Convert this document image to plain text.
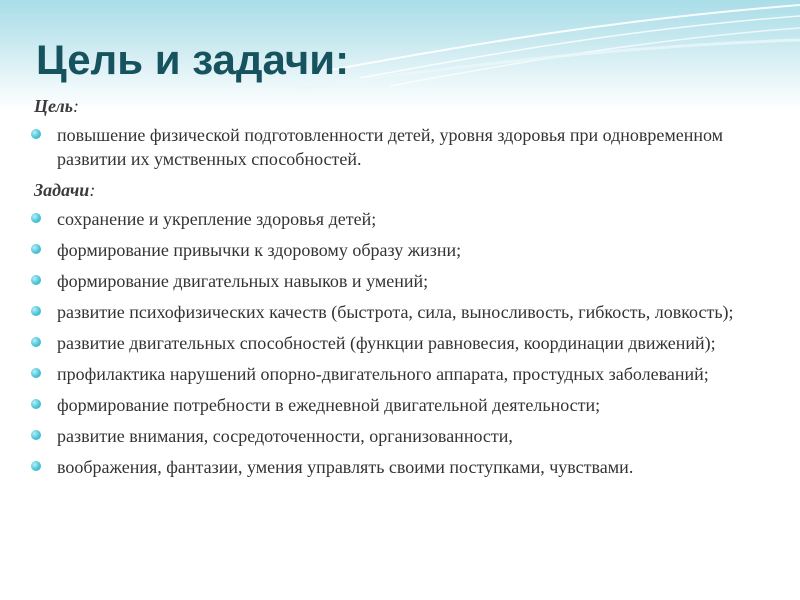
Цель и задачи:
Цель:
повышение физической подготовленности детей, уровня здоровья при одновременном развитии их умственных способностей.
Задачи:
сохранение и укрепление здоровья детей;
формирование привычки к здоровому образу жизни;
формирование двигательных навыков и умений;
развитие психофизических качеств (быстрота, сила, выносливость, гибкость, ловкость);
развитие двигательных способностей (функции равновесия, координации движений);
профилактика нарушений опорно-двигательного аппарата, простудных заболеваний;
формирование потребности в ежедневной двигательной деятельности;
развитие внимания, сосредоточенности, организованности,
воображения, фантазии, умения управлять своими поступками, чувствами.
